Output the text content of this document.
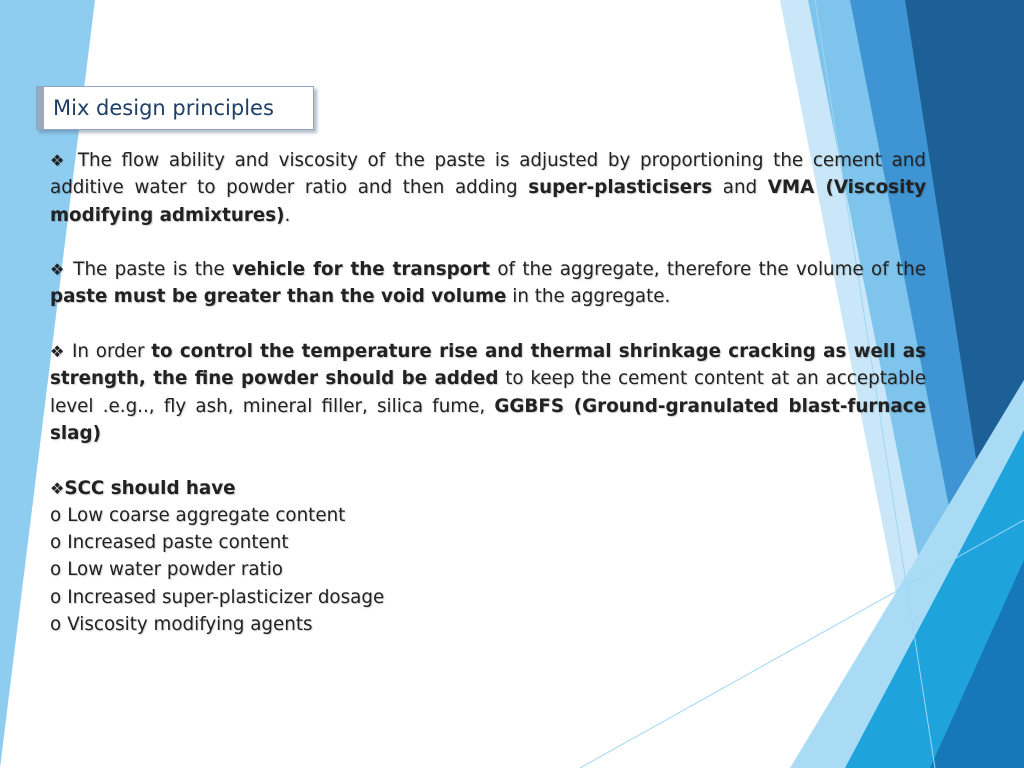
Mix design principles

❖ The flow ability and viscosity of the paste is adjusted by proportioning the cement and additive water to powder ratio and then adding super-plasticisers and VMA (Viscosity modifying admixtures).

❖ The paste is the vehicle for the transport of the aggregate, therefore the volume of the paste must be greater than the void volume in the aggregate.

❖ In order to control the temperature rise and thermal shrinkage cracking as well as strength, the fine powder should be added to keep the cement content at an acceptable level .e.g.., fly ash, mineral filler, silica fume, GGBFS (Ground-granulated blast-furnace slag)

❖SCC should have
o Low coarse aggregate content
o Increased paste content
o Low water powder ratio
o Increased super-plasticizer dosage
o Viscosity modifying agents
